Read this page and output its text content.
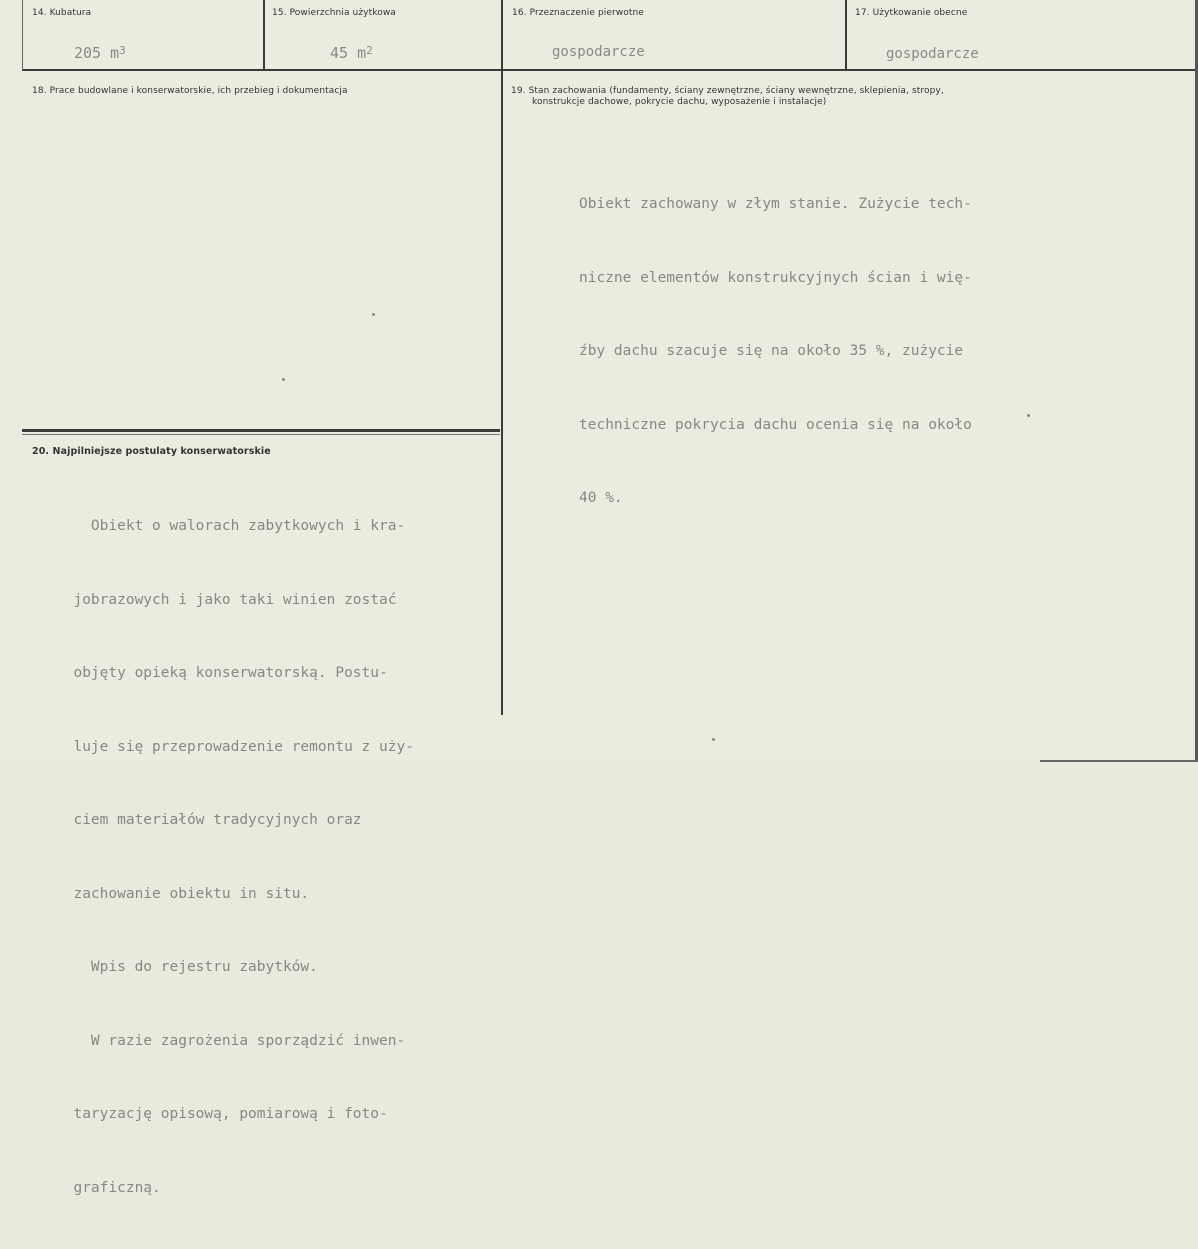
14. Kubatura
205 $m^3$
15. Powierzchnia użytkowa
45 $m^2$
16. Przeznaczenie pierwotne
gospodarcze
17. Użytkowanie obecne
gospodarcze
18. Prace budowlane i konserwatorskie, ich przebieg i dokumentacja	19. Stan zachowania (fundamenty, ściany zewnętrzne, ściany wewnętrzne, sklepienia, stropy,
konstrukcje dachowe, pokrycie dachu, wyposażenie i instalacje)

Obiekt zachowany w złym stanie. Zużycie tech-

niczne elementów konstrukcyjnych ścian i wię-

źby dachu szacuje się na około 35 %, zużycie

techniczne pokrycia dachu ocenia się na około

40 %.

20. Najpilniejsze postulaty konserwatorskie

Obiekt o walorach zabytkowych i kra-

jobrazowych i jako taki winien zostać

objęty opieką konserwatorską. Postu-

luje się przeprowadzenie remontu z uży-

ciem materiałów tradycyjnych oraz

zachowanie obiektu in situ.

Wpis do rejestru zabytków.

W razie zagrożenia sporządzić inwen-

taryzację opisową, pomiarową i foto-

graficzną.
